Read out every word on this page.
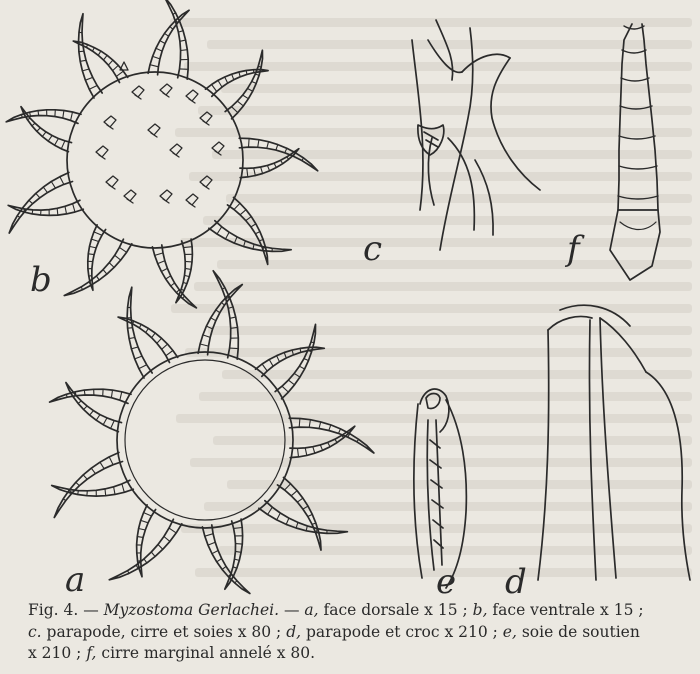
b
a
c
e d
f
Fig. 4. — Myzostoma Gerlachei. — a, face dorsale x 15 ; b, face ventrale x 15 ;
c. parapode, cirre et soies x 80 ; d, parapode et croc x 210 ; e, soie de soutien
x 210 ; f, cirre marginal annelé x 80.
